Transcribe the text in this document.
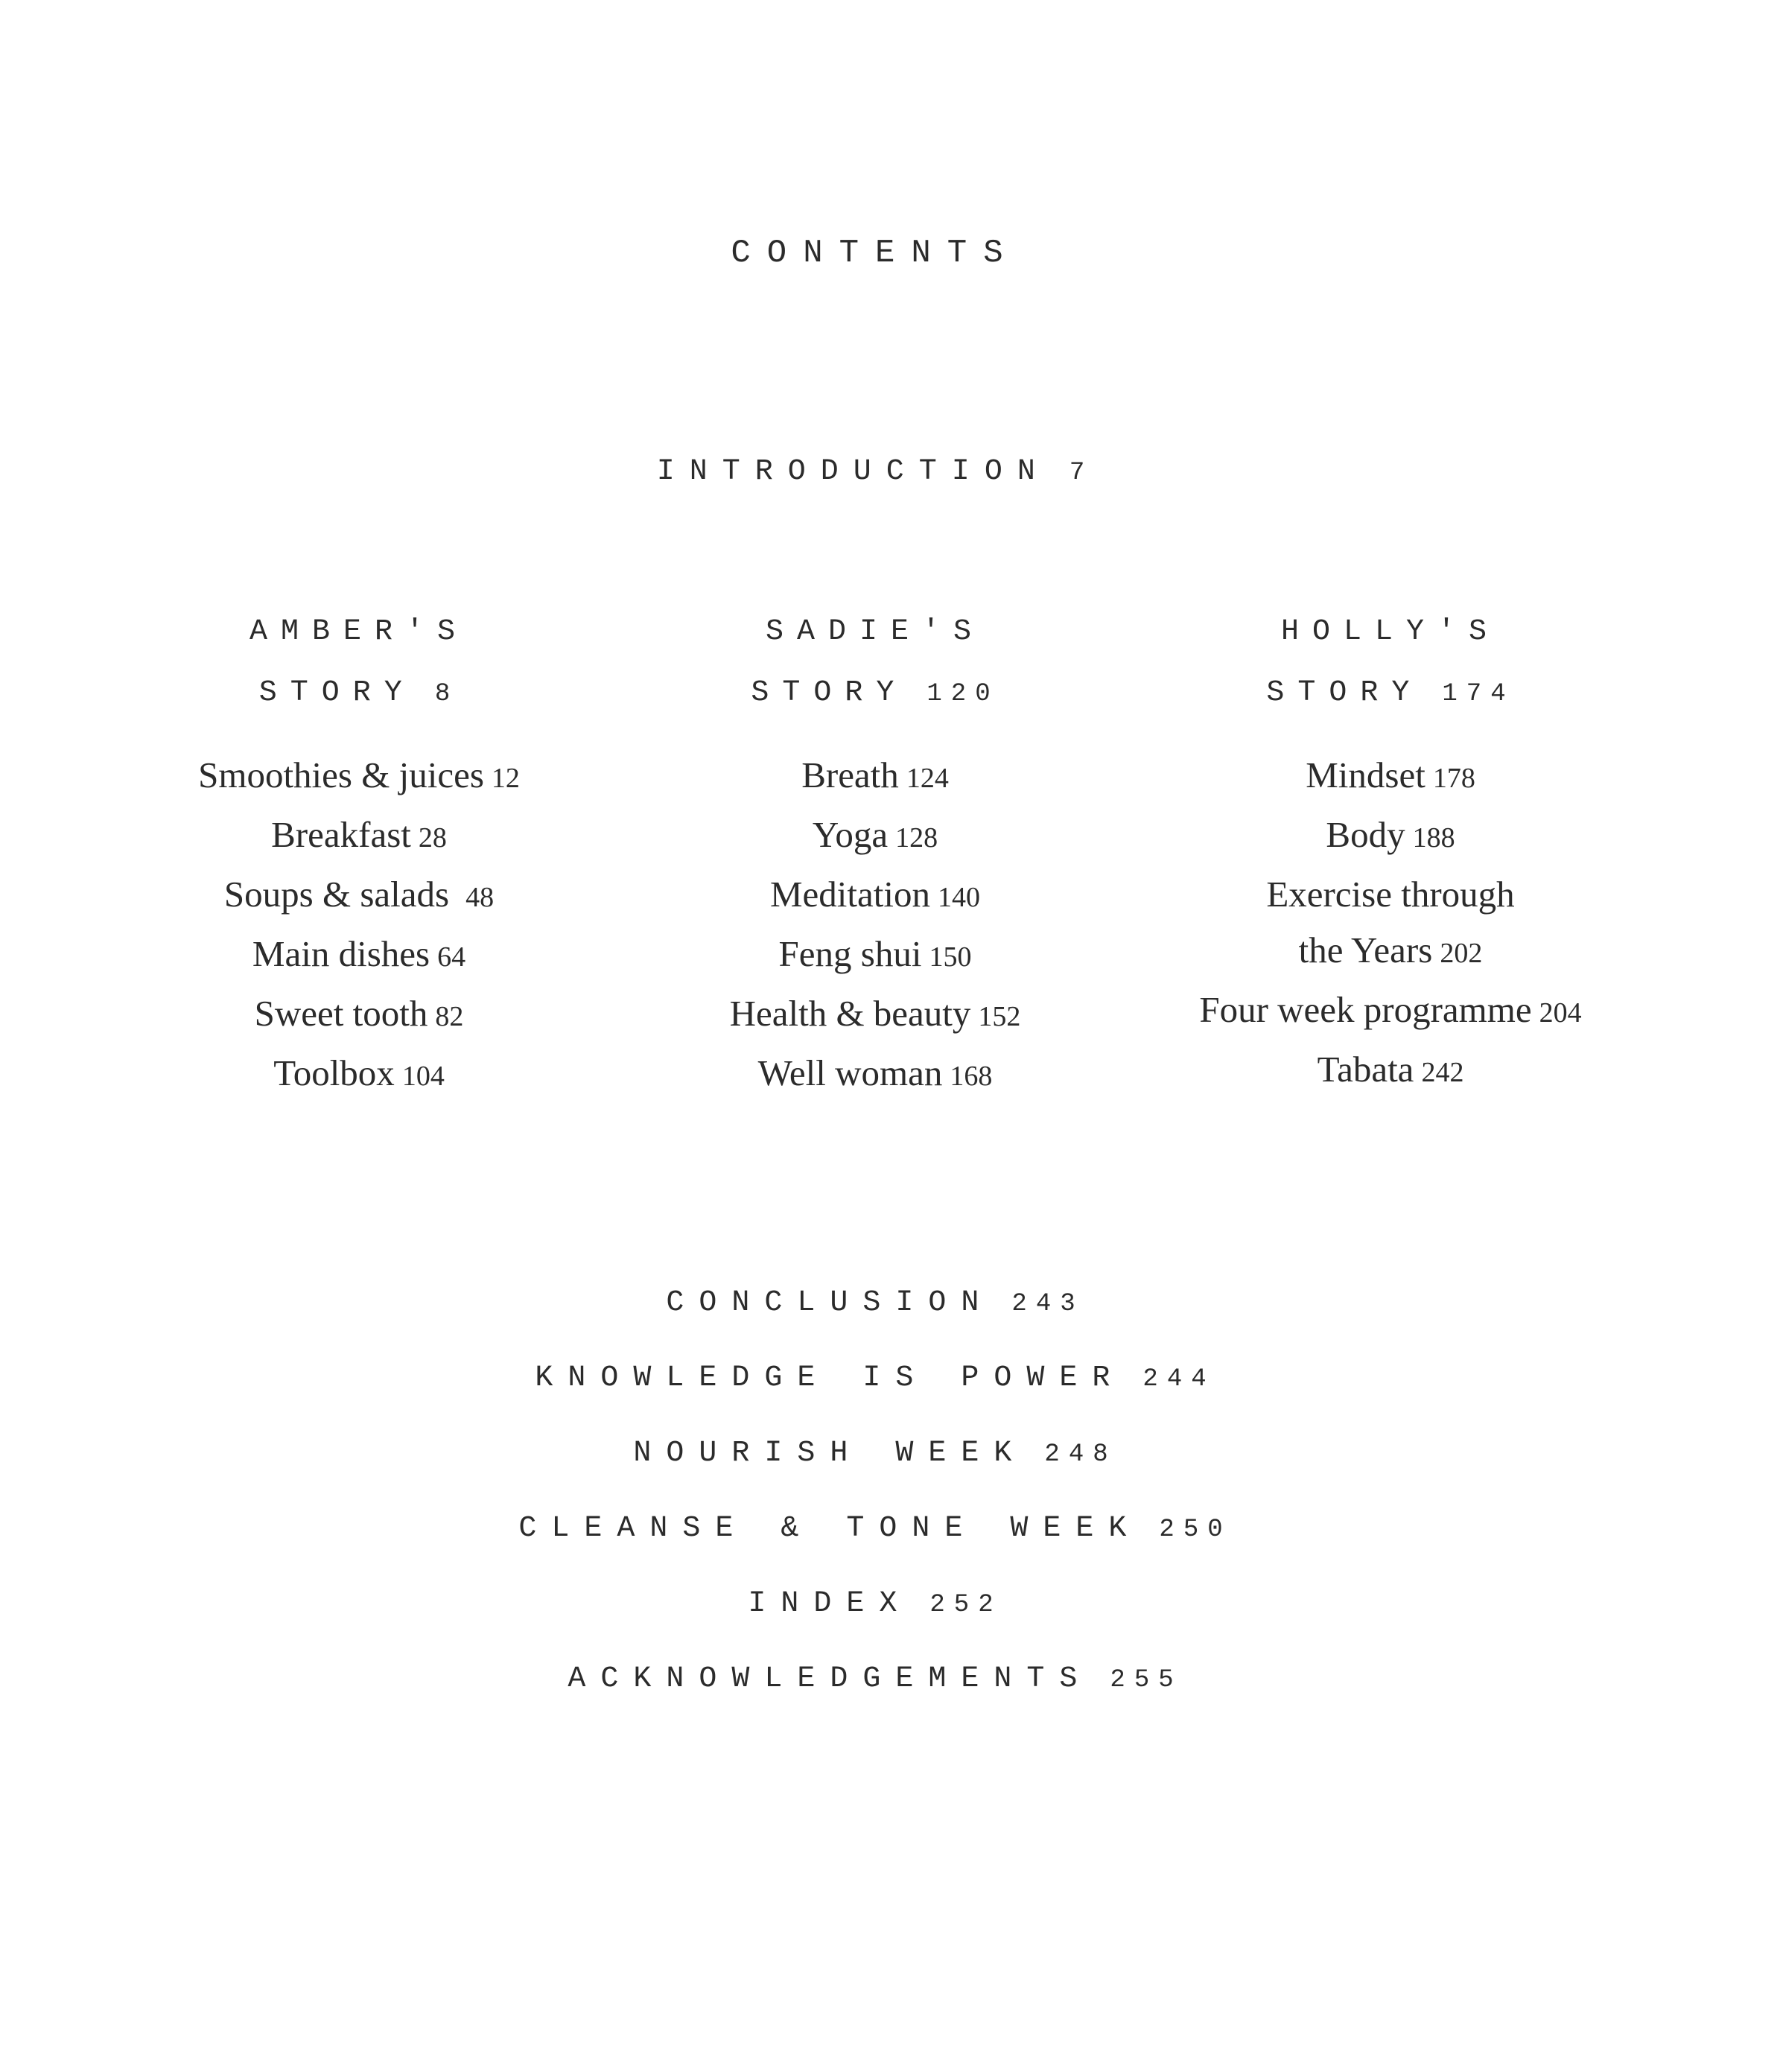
CONTENTS
INTRODUCTION 7
AMBER'S
STORY 8
Smoothies & juices 12
Breakfast 28
Soups & salads 48
Main dishes 64
Sweet tooth 82
Toolbox 104
SADIE'S
STORY 120
Breath 124
Yoga 128
Meditation 140
Feng shui 150
Health & beauty 152
Well woman 168
HOLLY'S
STORY 174
Mindset 178
Body 188
Exercise through
the Years 202
Four week programme 204
Tabata 242
CONCLUSION 243
KNOWLEDGE IS POWER 244
NOURISH WEEK 248
CLEANSE & TONE WEEK 250
INDEX 252
ACKNOWLEDGEMENTS 255
